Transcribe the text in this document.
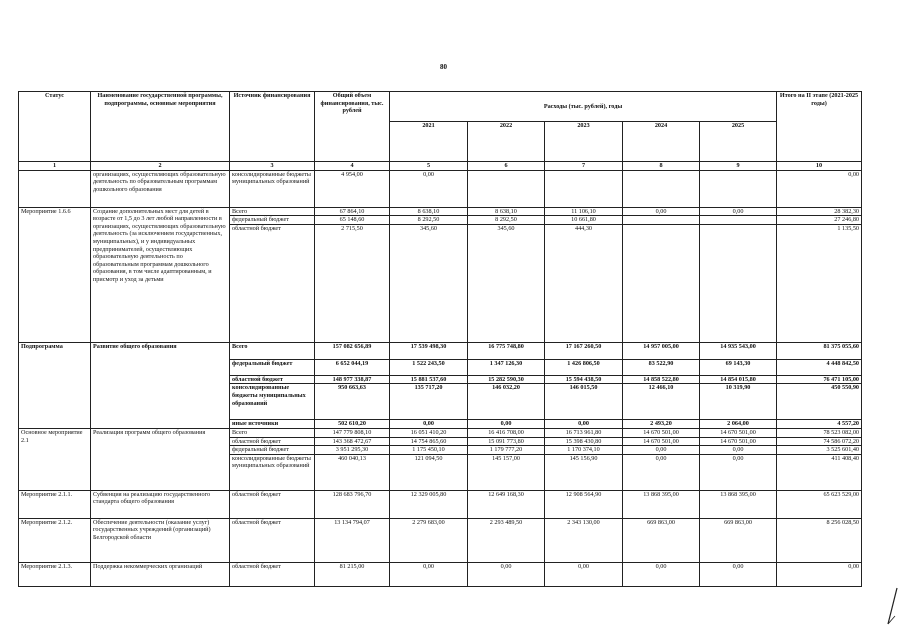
80
Статус	Наименование государственной программы, подпрограммы, основные мероприятия	Источник финансирования	Общий объем финансирования, тыс. рублей	Расходы (тыс. рублей), годы					Итого на II этапе (2021-2025 годы)
				2021	2022	2023	2024	2025	
1	2	3	4	5	6	7	8	9	10
	организациях, осуществляющих образовательную деятельность по образовательным программам дошкольного образования	консолидированные бюджеты муниципальных образований	4 954,00	0,00					0,00
Мероприятие 1.6.6	Создание дополнительных мест для детей в возрасте от 1,5 до 3 лет любой направленности в организациях, осуществляющих образовательную деятельность (за исключением государственных, муниципальных), и у индивидуальных предпринимателей, осуществляющих образовательную деятельность по образовательным программам дошкольного образования, в том числе адаптированным, и присмотр и уход за детьми	Всего	67 864,10	8 638,10	8 638,10	11 106,10	0,00	0,00	28 382,30
		федеральный бюджет	65 148,60	8 292,50	8 292,50	10 661,80			27 246,80
		областной бюджет	2 715,50	345,60	345,60	444,30			1 135,50
Подпрограмма	Развитие общего образования	Всего	157 082 656,89	17 539 498,30	16 775 748,80	17 167 260,50	14 957 005,00	14 935 543,00	81 375 055,60
		федеральный бюджет	6 652 044,19	1 522 243,50	1 347 126,30	1 426 806,50	83 522,90	69 143,30	4 448 842,50
		областной бюджет	148 977 338,87	15 881 537,60	15 282 590,30	15 594 438,50	14 858 522,80	14 854 015,80	76 471 105,00
		консолидированные бюджеты муниципальных образований	950 663,63	135 717,20	146 032,20	146 015,50	12 466,10	10 319,90	450 550,90
		иные источники	502 610,20	0,00	0,00	0,00	2 493,20	2 064,00	4 557,20
Основное мероприятие 2.1	Реализация программ общего образования	Всего	147 779 808,10	16 051 410,20	16 416 708,00	16 713 961,80	14 670 501,00	14 670 501,00	78 523 082,00
		областной бюджет	143 368 472,67	14 754 865,60	15 091 773,80	15 398 430,80	14 670 501,00	14 670 501,00	74 586 072,20
		федеральный бюджет	3 951 295,30	1 175 450,10	1 179 777,20	1 170 374,10	0,00	0,00	3 525 601,40
		консолидированные бюджеты муниципальных образований	460 040,13	121 094,50	145 157,00	145 156,90	0,00	0,00	411 408,40
Мероприятие 2.1.1.	Субвенция на реализацию государственного стандарта общего образования	областной бюджет	128 683 796,70	12 329 005,80	12 649 168,30	12 908 564,90	13 868 395,00	13 868 395,00	65 623 529,00
Мероприятие 2.1.2.	Обеспечение деятельности (оказание услуг) государственных учреждений (организаций) Белгородской области	областной бюджет	13 134 794,07	2 279 683,00	2 293 489,50	2 343 130,00	669 863,00	669 863,00	8 256 028,50
Мероприятие 2.1.3.	Поддержка некоммерческих организаций	областной бюджет	81 215,00	0,00	0,00	0,00	0,00	0,00	0,00
